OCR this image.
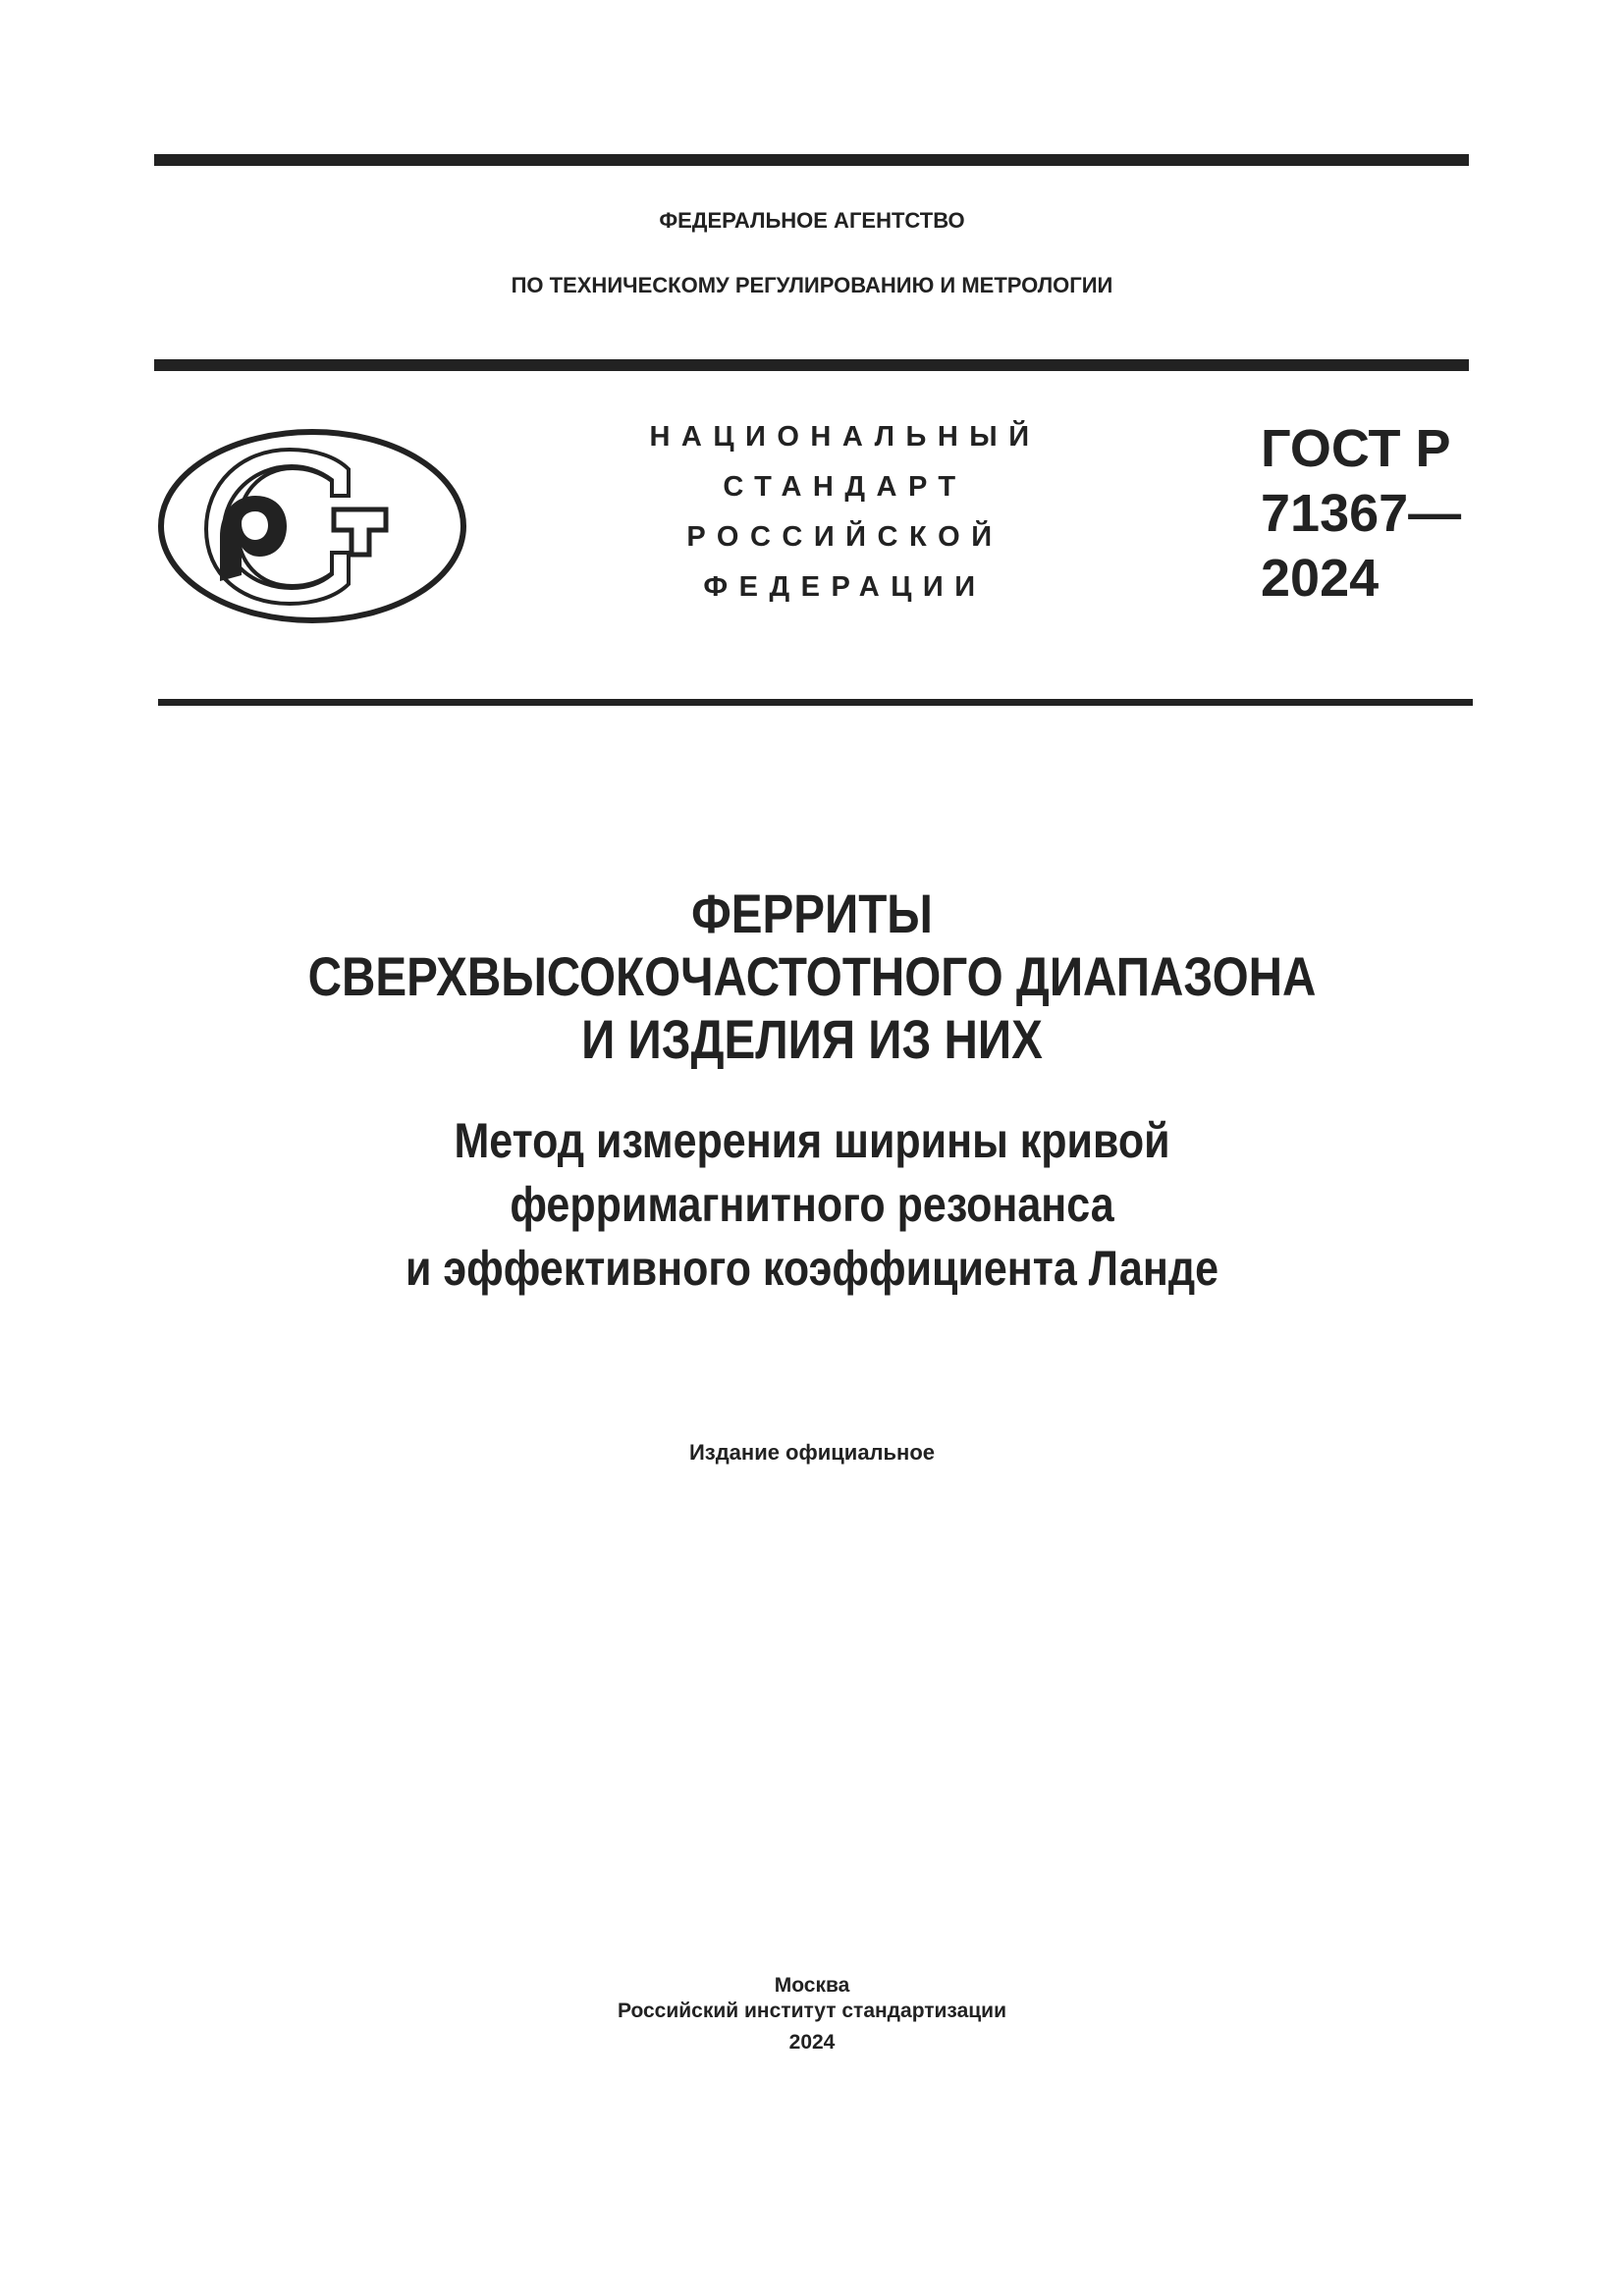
ФЕДЕРАЛЬНОЕ АГЕНТСТВО
ПО ТЕХНИЧЕСКОМУ РЕГУЛИРОВАНИЮ И МЕТРОЛОГИИ
НАЦИОНАЛЬНЫЙ
СТАНДАРТ
РОССИЙСКОЙ
ФЕДЕРАЦИИ
ГОСТ Р
71367—
2024
ФЕРРИТЫ
СВЕРХВЫСОКОЧАСТОТНОГО ДИАПАЗОНА
И ИЗДЕЛИЯ ИЗ НИХ
Метод измерения ширины кривой
ферримагнитного резонанса
и эффективного коэффициента Ланде
Издание официальное
Москва
Российский институт стандартизации
2024
